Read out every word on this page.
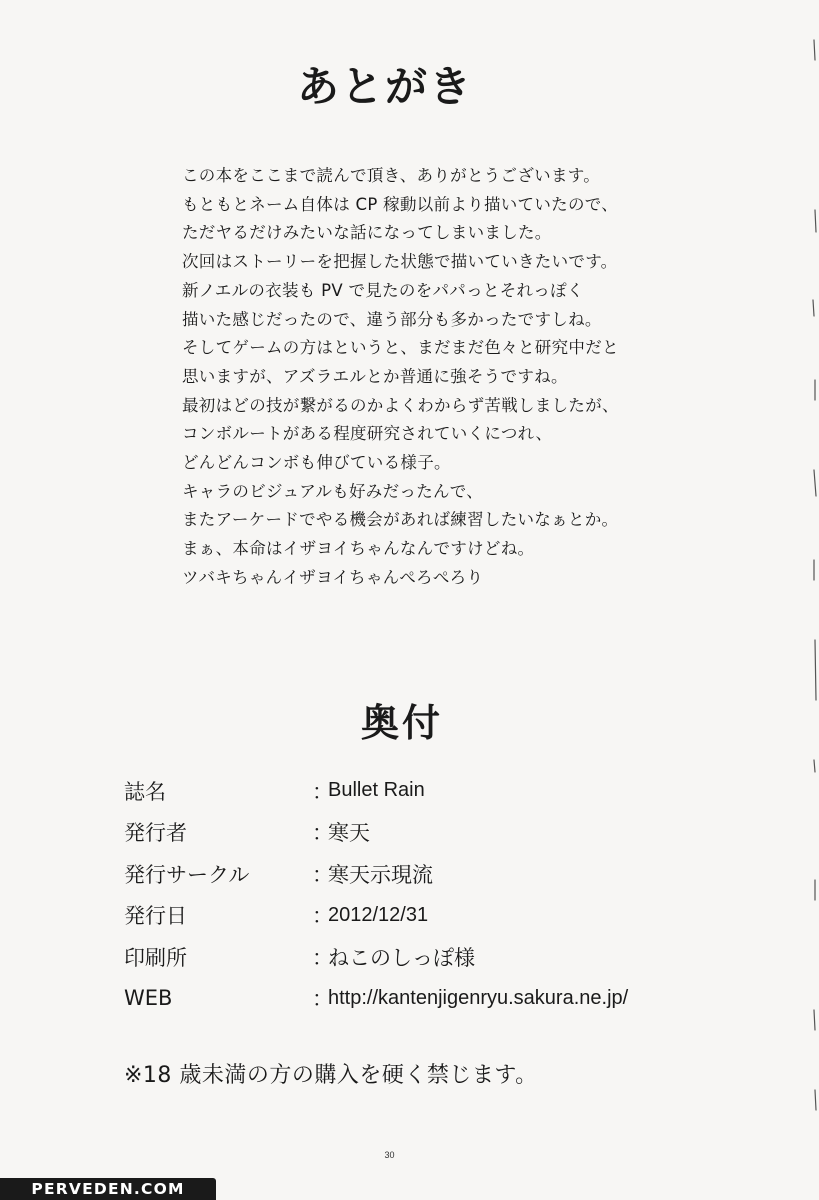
あとがき
この本をここまで読んで頂き、ありがとうございます。
もともとネーム自体は CP 稼動以前より描いていたので、
ただヤるだけみたいな話になってしまいました。
次回はストーリーを把握した状態で描いていきたいです。
新ノエルの衣装も PV で見たのをパパっとそれっぽく
描いた感じだったので、違う部分も多かったですしね。
そしてゲームの方はというと、まだまだ色々と研究中だと
思いますが、アズラエルとか普通に強そうですね。
最初はどの技が繋がるのかよくわからず苦戦しましたが、
コンボルートがある程度研究されていくにつれ、
どんどんコンボも伸びている様子。
キャラのビジュアルも好みだったんで、
またアーケードでやる機会があれば練習したいなぁとか。
まぁ、本命はイザヨイちゃんなんですけどね。
ツバキちゃんイザヨイちゃんぺろぺろり
奥付
誌名	：
Bullet Rain
発行者	：
寒天
発行サークル	：
寒天示現流
発行日	：
2012/12/31
印刷所	：
ねこのしっぽ様
WEB	：
http://kantenjigenryu.sakura.ne.jp/
※18 歳未満の方の購入を硬く禁じます。
30
PERVEDEN.COM
